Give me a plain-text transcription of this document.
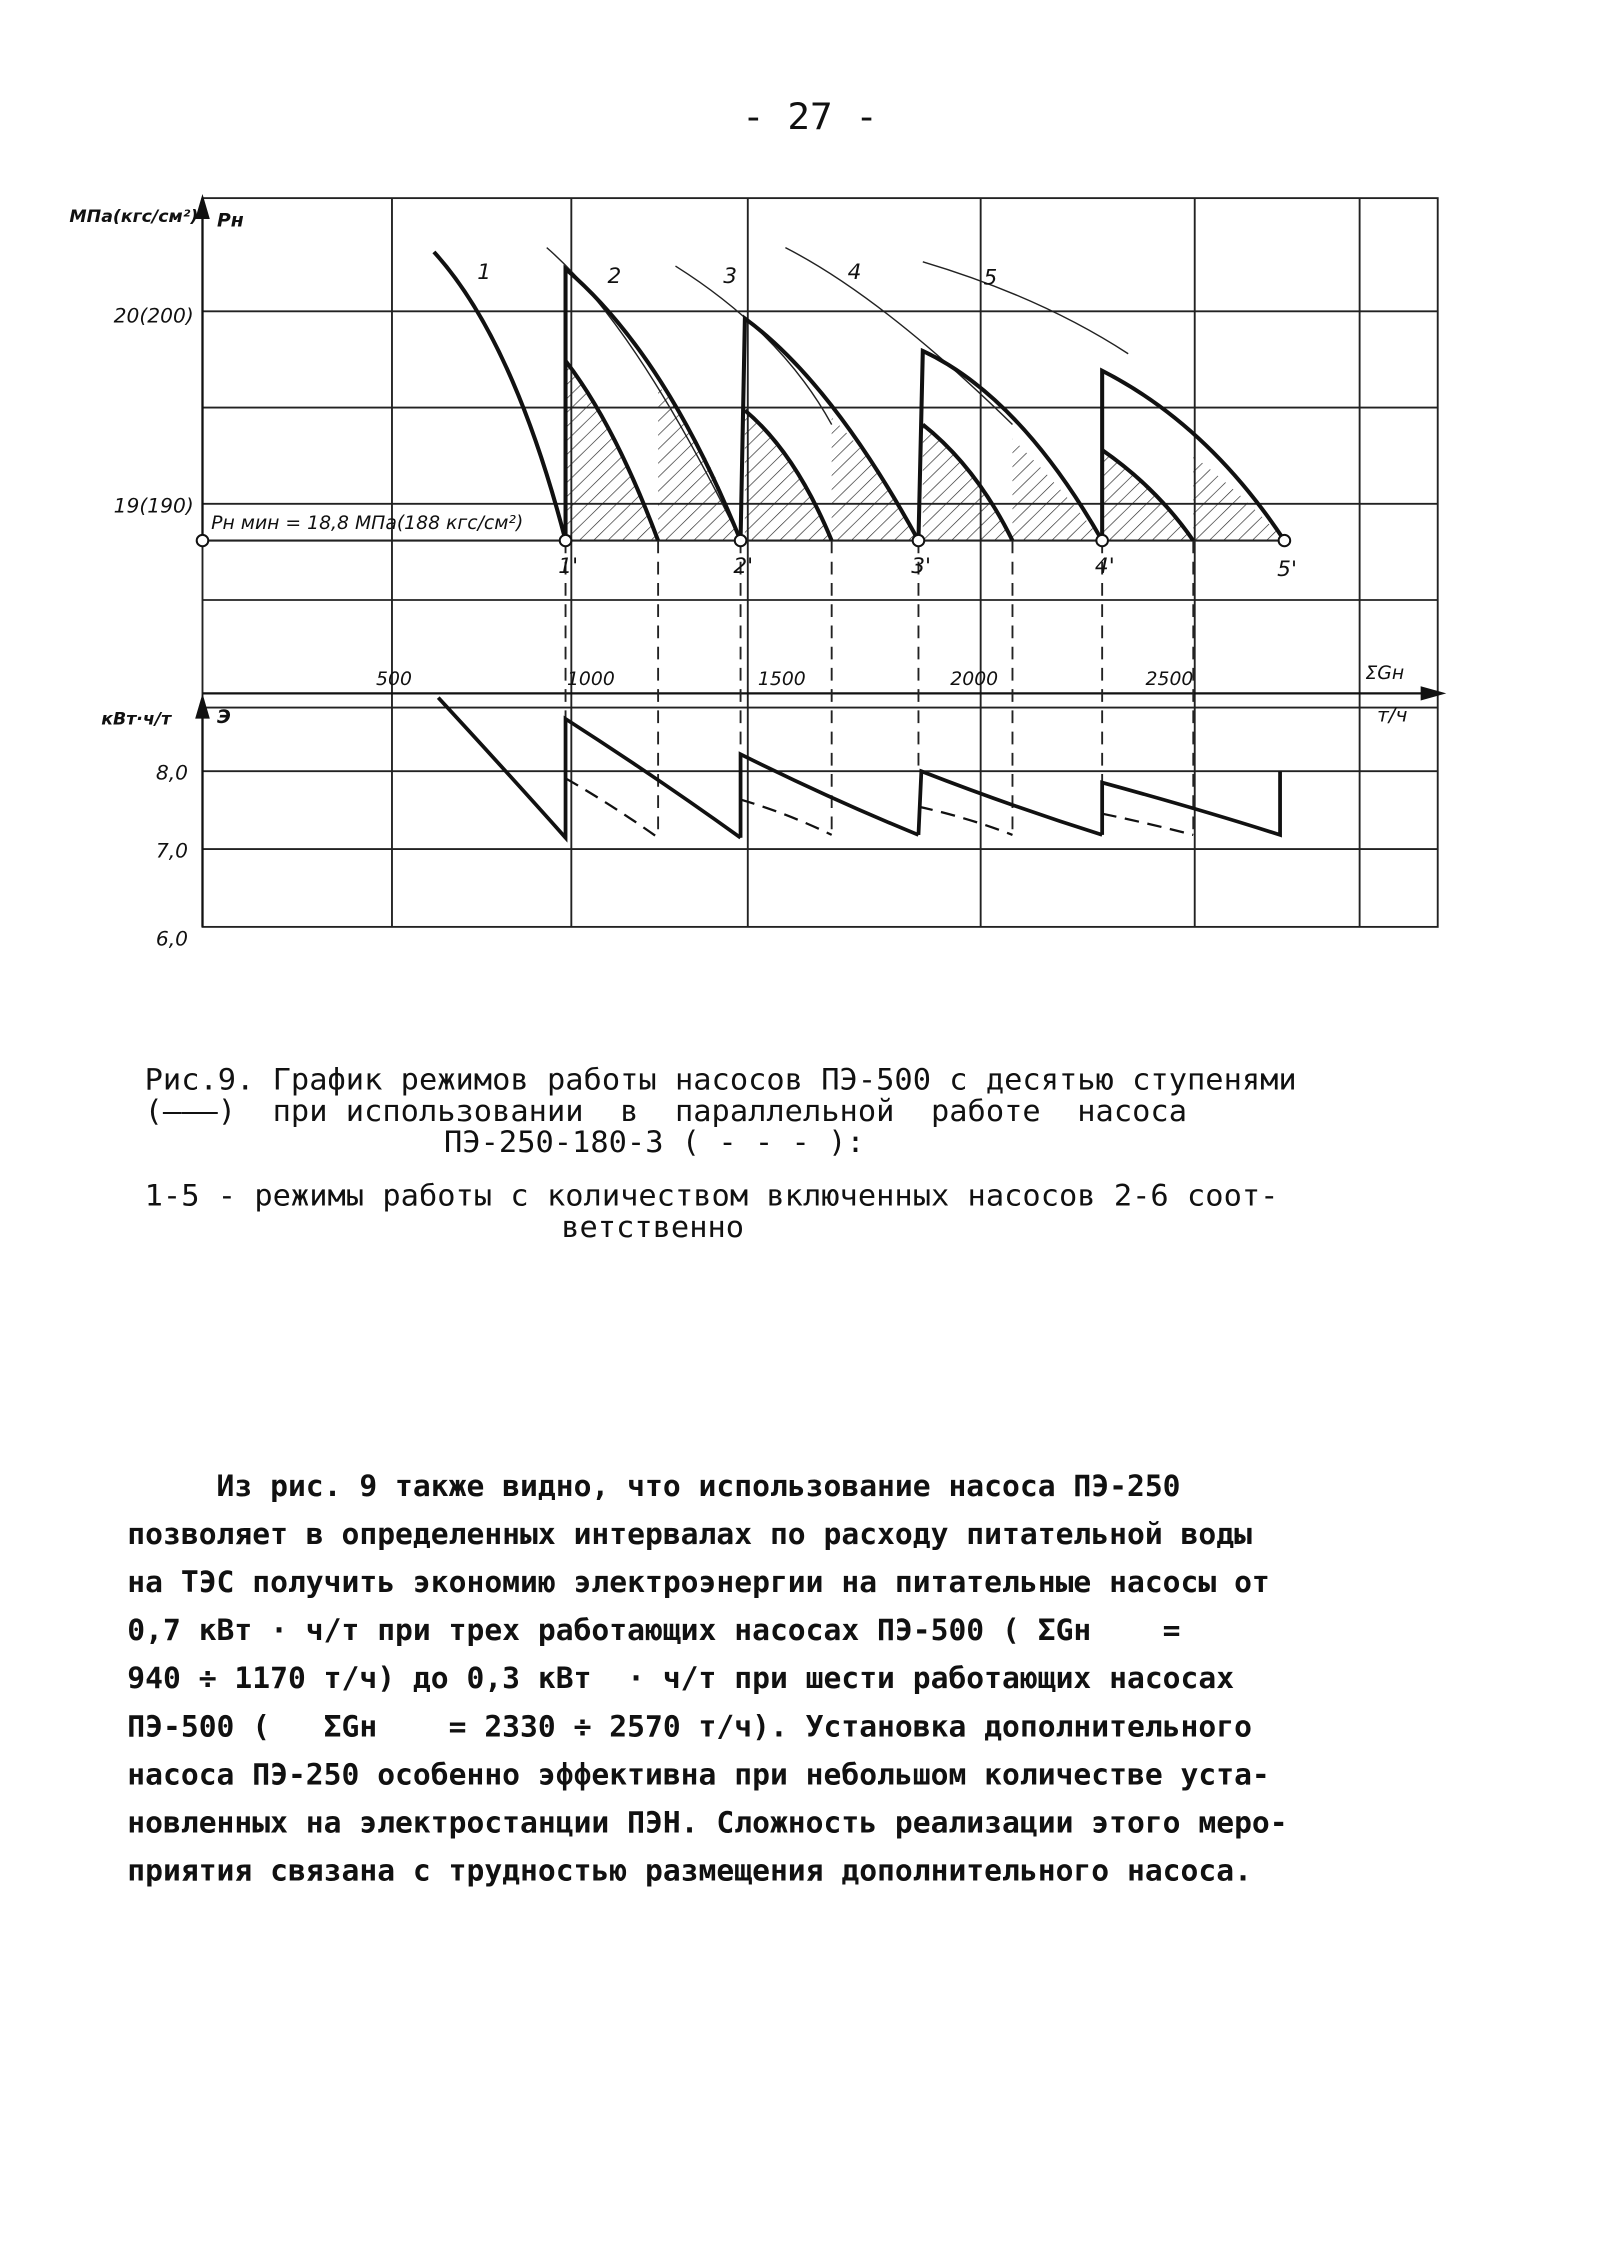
- 27 -
МПа(кгс/см²) Pн
20(200)
19(190)
Pн мин = 18,8 МПа(188 кгс/см²)
1	2	3	4	5
1'	2'	3'	4'	5'
500	1000	1500	2000	2500	ΣGн
т/ч
кВт·ч/т	Э
8,0
7,0
6,0
Рис.9. График режимов работы насосов ПЭ-500 с десятью ступенями
(———)  при использовании  в  параллельной  работе  насоса
ПЭ-250-180-3 ( - - - ):
1-5 - режимы работы с количеством включенных насосов 2-6 соот-
ветственно
Из рис. 9 также видно, что использование насоса ПЭ-250
позволяет в определенных интервалах по расходу питательной воды
на ТЭС получить экономию электроэнергии на питательные насосы от
0,7 кВт · ч/т при трех работающих насосах ПЭ-500 ( ΣGн    =
940 ÷ 1170 т/ч) до 0,3 кВт  · ч/т при шести работающих насосах
ПЭ-500 (   ΣGн    = 2330 ÷ 2570 т/ч). Установка дополнительного
насоса ПЭ-250 особенно эффективна при небольшом количестве уста-
новленных на электростанции ПЭН. Сложность реализации этого меро-
приятия связана с трудностью размещения дополнительного насоса.
